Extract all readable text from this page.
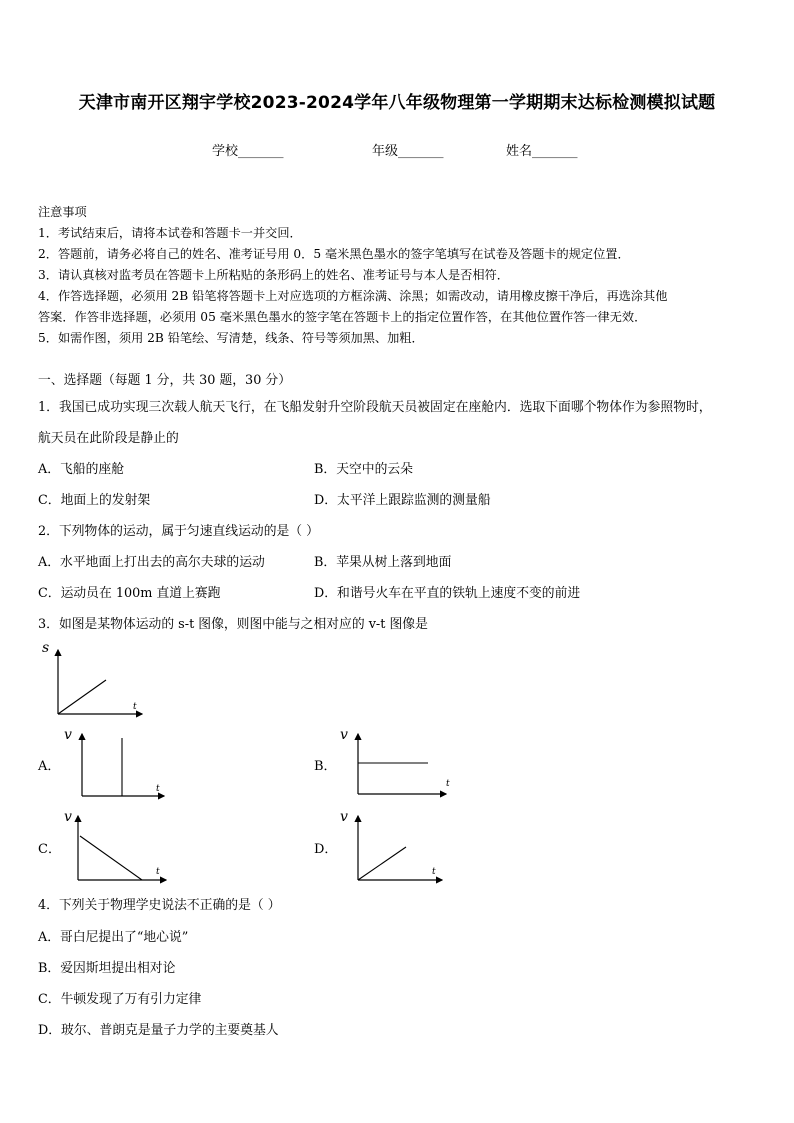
天津市南开区翔宇学校2023-2024学年八年级物理第一学期期末达标检测模拟试题
学校_______	年级_______	姓名_______
注意事项
1．考试结束后，请将本试卷和答题卡一并交回．
2．答题前，请务必将自己的姓名、准考证号用 0．5 毫米黑色墨水的签字笔填写在试卷及答题卡的规定位置．
3．请认真核对监考员在答题卡上所粘贴的条形码上的姓名、准考证号与本人是否相符．
4．作答选择题，必须用 2B 铅笔将答题卡上对应选项的方框涂满、涂黑；如需改动，请用橡皮擦干净后，再选涂其他
答案．作答非选择题，必须用 05 毫米黑色墨水的签字笔在答题卡上的指定位置作答，在其他位置作答一律无效．
5．如需作图，须用 2B 铅笔绘、写清楚，线条、符号等须加黑、加粗．
一、选择题（每题 1 分，共 30 题，30 分）
1．我国已成功实现三次载人航天飞行，在飞船发射升空阶段航天员被固定在座舱内．选取下面哪个物体作为参照物时，
航天员在此阶段是静止的
A．飞船的座舱	B．天空中的云朵
C．地面上的发射架	D．太平洋上跟踪监测的测量船
2．下列物体的运动，属于匀速直线运动的是（ ）
A．水平地面上打出去的高尔夫球的运动	B．苹果从树上落到地面
C．运动员在 100m 直道上赛跑	D．和谐号火车在平直的铁轨上速度不变的前进
3．如图是某物体运动的 s-t 图像，则图中能与之相对应的 v-t 图像是
s
t
A．
v
t
B．
v
t
C．
v
t
D．
v
t
4．下列关于物理学史说法不正确的是（ ）
A．哥白尼提出了“地心说”
B．爱因斯坦提出相对论
C．牛顿发现了万有引力定律
D．玻尔、普朗克是量子力学的主要奠基人
